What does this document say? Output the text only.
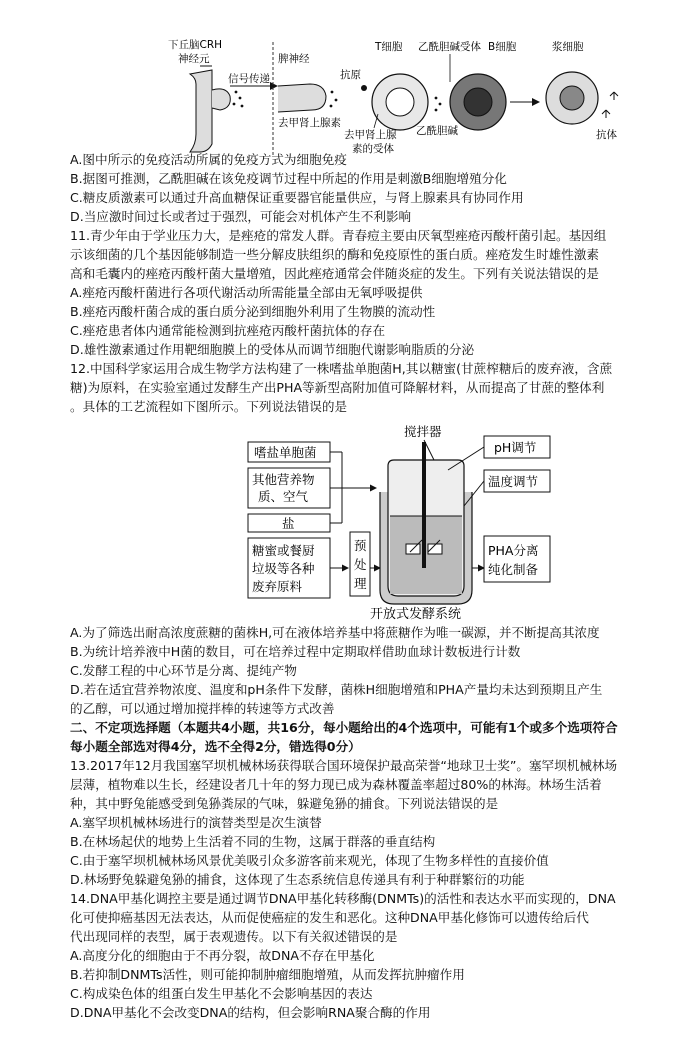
下丘脑CRH
神经元
信号传递
脾神经
去甲肾上腺素
抗原
T细胞
去甲肾上腺
素的受体
乙酰胆碱
乙酰胆碱受体 B细胞	浆细胞
抗体
嗜盐单胞菌
其他营养物
质、空气
盐
糖蜜或餐厨
垃圾等各种
废弃原料
预
处
理
搅拌器
pH调节
温度调节
PHA分离
纯化制备
开放式发酵系统
A.图中所示的免疫活动所属的免疫方式为细胞免疫
B.据图可推测，乙酰胆碱在该免疫调节过程中所起的作用是刺激B细胞增殖分化
C.糖皮质激素可以通过升高血糖保证重要器官能量供应，与肾上腺素具有协同作用
D.当应激时间过长或者过于强烈，可能会对机体产生不利影响
11.青少年由于学业压力大，是痤疮的常发人群。青春痘主要由厌氧型痤疮丙酸杆菌引起。基因组
示该细菌的几个基因能够制造一些分解皮肤组织的酶和免疫原性的蛋白质。痤疮发生时雄性激素
高和毛囊内的痤疮丙酸杆菌大量增殖，因此痤疮通常会伴随炎症的发生。下列有关说法错误的是
A.痤疮丙酸杆菌进行各项代谢活动所需能量全部由无氧呼吸提供
B.痤疮丙酸杆菌合成的蛋白质分泌到细胞外利用了生物膜的流动性
C.痤疮患者体内通常能检测到抗痤疮丙酸杆菌抗体的存在
D.雄性激素通过作用靶细胞膜上的受体从而调节细胞代谢影响脂质的分泌
12.中国科学家运用合成生物学方法构建了一株嗜盐单胞菌H,其以糖蜜(甘蔗榨糖后的废弃液，含蔗
糖)为原料，在实验室通过发酵生产出PHA等新型高附加值可降解材料，从而提高了甘蔗的整体利
。具体的工艺流程如下图所示。下列说法错误的是
A.为了筛选出耐高浓度蔗糖的菌株H,可在液体培养基中将蔗糖作为唯一碳源，并不断提高其浓度
B.为统计培养液中H菌的数目，可在培养过程中定期取样借助血球计数板进行计数
C.发酵工程的中心环节是分离、提纯产物
D.若在适宜营养物浓度、温度和pH条件下发酵，菌株H细胞增殖和PHA产量均未达到预期且产生
的乙醇，可以通过增加搅拌棒的转速等方式改善
二、不定项选择题（本题共4小题，共16分，每小题给出的4个选项中，可能有1个或多个选项符合
每小题全部选对得4分，选不全得2分，错选得0分）
13.2017年12月我国塞罕坝机械林场获得联合国环境保护最高荣誉“地球卫士奖”。塞罕坝机械林场
层薄，植物难以生长，经建设者几十年的努力现已成为森林覆盖率超过80%的林海。林场生活着
种，其中野兔能感受到兔狲粪尿的气味，躲避兔狲的捕食。下列说法错误的是
A.塞罕坝机械林场进行的演替类型是次生演替
B.在林场起伏的地势上生活着不同的生物，这属于群落的垂直结构
C.由于塞罕坝机械林场风景优美吸引众多游客前来观光，体现了生物多样性的直接价值
D.林场野兔躲避兔狲的捕食，这体现了生态系统信息传递具有利于种群繁衍的功能
14.DNA甲基化调控主要是通过调节DNA甲基化转移酶(DNMTs)的活性和表达水平而实现的，DNA
化可使抑癌基因无法表达，从而促使癌症的发生和恶化。这种DNA甲基化修饰可以遗传给后代
代出现同样的表型，属于表观遗传。以下有关叙述错误的是
A.高度分化的细胞由于不再分裂，故DNA不存在甲基化
B.若抑制DNMTs活性，则可能抑制肿瘤细胞增殖，从而发挥抗肿瘤作用
C.构成染色体的组蛋白发生甲基化不会影响基因的表达
D.DNA甲基化不会改变DNA的结构，但会影响RNA聚合酶的作用
